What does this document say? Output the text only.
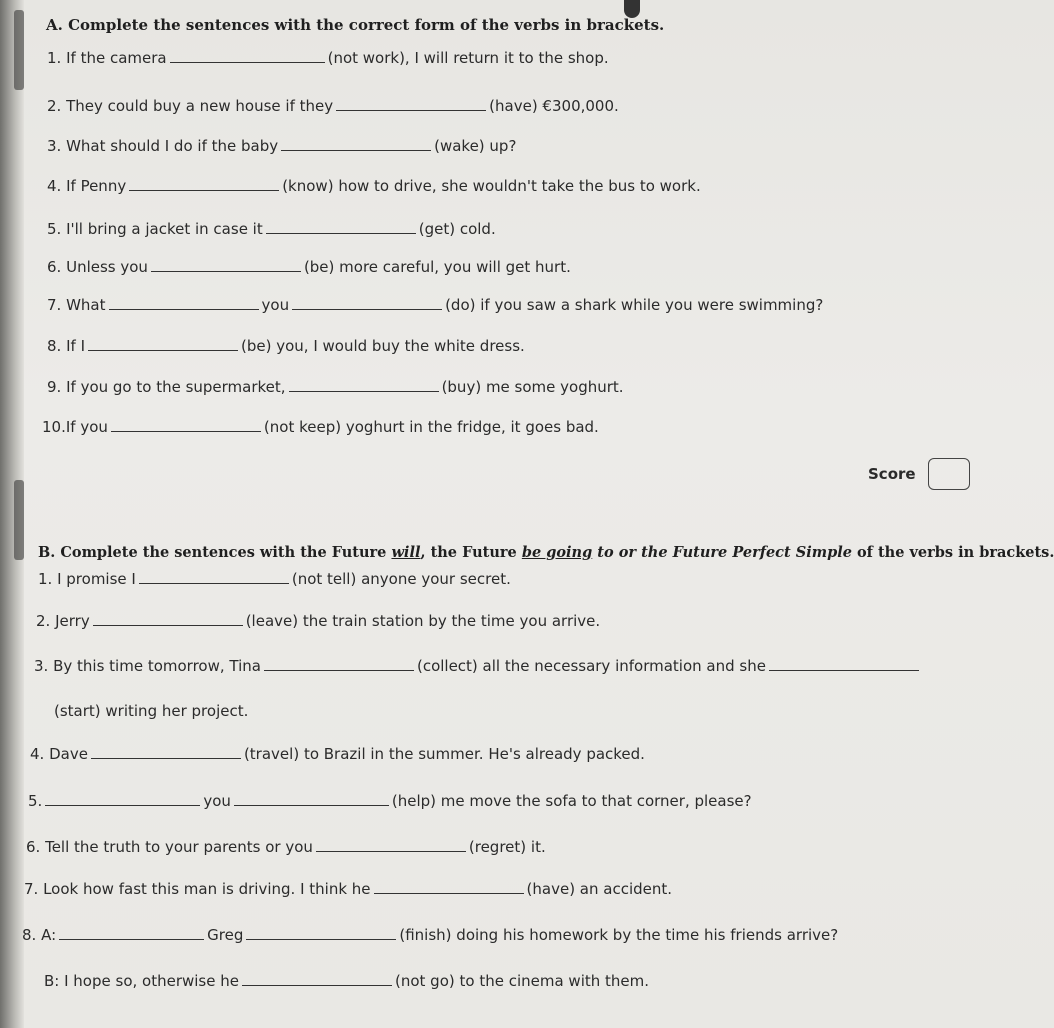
A. Complete the sentences with the correct form of the verbs in brackets.
1. If the camera	(not work), I will return it to the shop.
2. They could buy a new house if they	(have) €300,000.
3. What should I do if the baby	(wake) up?
4. If Penny	(know) how to drive, she wouldn't take the bus to work.
5. I'll bring a jacket in case it	(get) cold.
6. Unless you	(be) more careful, you will get hurt.
7. What	you	(do) if you saw a shark while you were swimming?
8. If I	(be) you, I would buy the white dress.
9. If you go to the supermarket,	(buy) me some yoghurt.
10.If you	(not keep) yoghurt in the fridge, it goes bad.
Score
B. Complete the sentences with the Future will, the Future be going to or the Future Perfect Simple of the verbs in brackets.
1. I promise I	(not tell) anyone your secret.
2. Jerry	(leave) the train station by the time you arrive.
3. By this time tomorrow, Tina	(collect) all the necessary information and she
(start) writing her project.
4. Dave	(travel) to Brazil in the summer. He's already packed.
5.	you	(help) me move the sofa to that corner, please?
6. Tell the truth to your parents or you	(regret) it.
7. Look how fast this man is driving. I think he	(have) an accident.
8. A:	Greg	(finish) doing his homework by the time his friends arrive?
B: I hope so, otherwise he	(not go) to the cinema with them.
